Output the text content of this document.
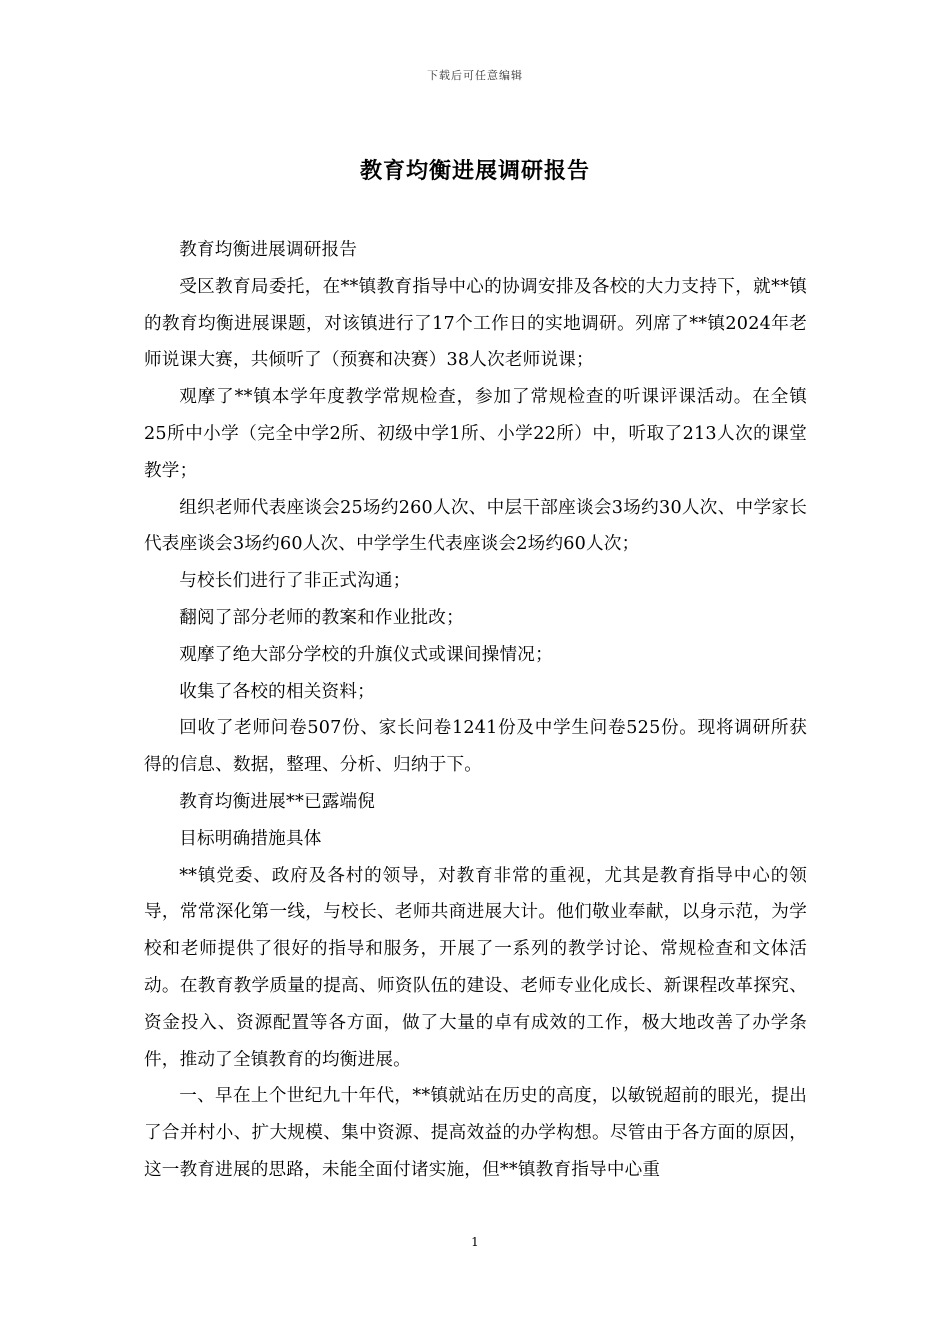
下载后可任意编辑
教育均衡进展调研报告

教育均衡进展调研报告

受区教育局委托，在**镇教育指导中心的协调安排及各校的大力支持下，就**镇的教育均衡进展课题，对该镇进行了17个工作日的实地调研。列席了**镇2024年老师说课大赛，共倾听了（预赛和决赛）38人次老师说课；

观摩了**镇本学年度教学常规检查，参加了常规检查的听课评课活动。在全镇25所中小学（完全中学2所、初级中学1所、小学22所）中，听取了213人次的课堂教学；

组织老师代表座谈会25场约260人次、中层干部座谈会3场约30人次、中学家长代表座谈会3场约60人次、中学学生代表座谈会2场约60人次；

与校长们进行了非正式沟通；

翻阅了部分老师的教案和作业批改；

观摩了绝大部分学校的升旗仪式或课间操情况；

收集了各校的相关资料；

回收了老师问卷507份、家长问卷1241份及中学生问卷525份。现将调研所获得的信息、数据，整理、分析、归纳于下。

教育均衡进展**已露端倪

目标明确措施具体

**镇党委、政府及各村的领导，对教育非常的重视，尤其是教育指导中心的领导，常常深化第一线，与校长、老师共商进展大计。他们敬业奉献，以身示范，为学校和老师提供了很好的指导和服务，开展了一系列的教学讨论、常规检查和文体活动。在教育教学质量的提高、师资队伍的建设、老师专业化成长、新课程改革探究、资金投入、资源配置等各方面，做了大量的卓有成效的工作，极大地改善了办学条件，推动了全镇教育的均衡进展。

一、早在上个世纪九十年代，**镇就站在历史的高度，以敏锐超前的眼光，提出了合并村小、扩大规模、集中资源、提高效益的办学构想。尽管由于各方面的原因，这一教育进展的思路，未能全面付诸实施，但**镇教育指导中心重

1
